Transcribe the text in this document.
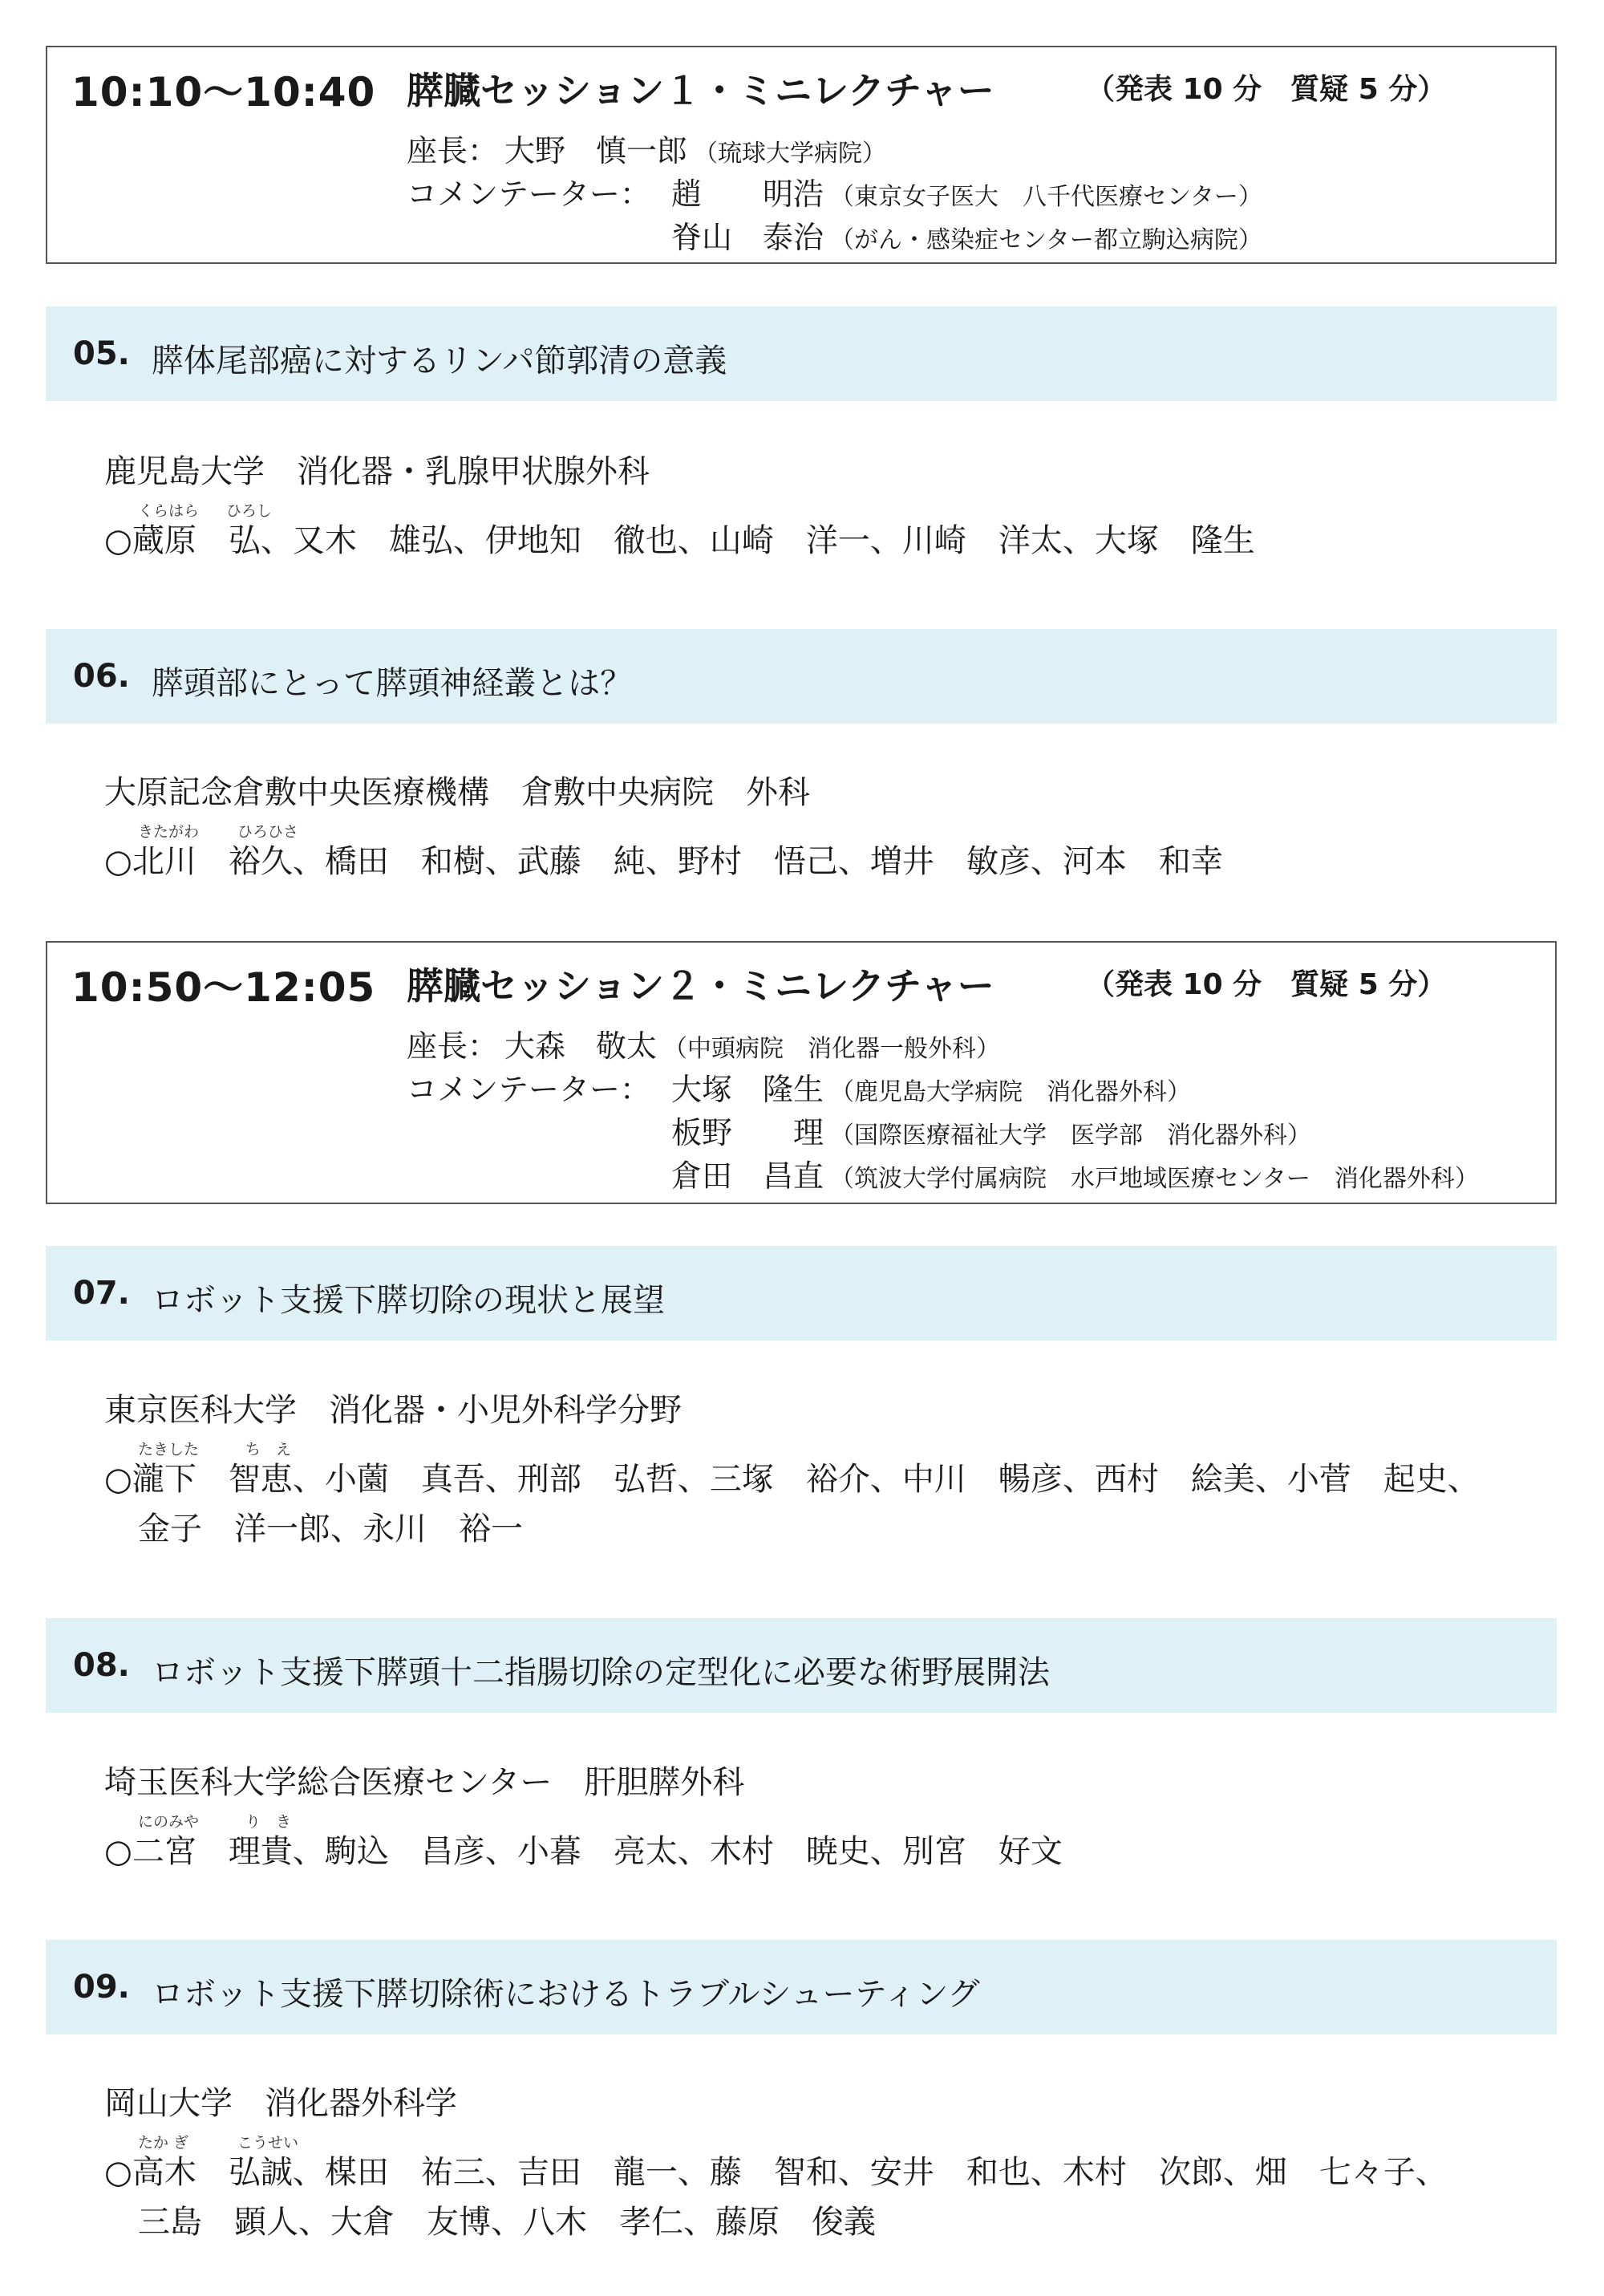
10:10〜10:40 膵臓セッション１・ミニレクチャー	（発表 10 分　質疑 5 分）
座長： 大野　慎一郎 （琉球大学病院）
コメンテーター： 趙　　明浩 （東京女子医大　八千代医療センター）
脊山　泰治 （がん・感染症センター都立駒込病院）
05. 膵体尾部癌に対するリンパ節郭清の意義
鹿児島大学　消化器・乳腺甲状腺外科
くらはら ひろし
○蔵原　弘、又木　雄弘、伊地知　徹也、山崎　洋一、川崎　洋太、大塚　隆生
06. 膵頭部にとって膵頭神経叢とは？
大原記念倉敷中央医療機構　倉敷中央病院　外科
きたがわ	ひろひさ
○北川　裕久、橋田　和樹、武藤　純、野村　悟己、増井　敏彦、河本　和幸
10:50〜12:05 膵臓セッション２・ミニレクチャー	（発表 10 分　質疑 5 分）
座長： 大森　敬太 （中頭病院　消化器一般外科）
コメンテーター： 大塚　隆生 （鹿児島大学病院　消化器外科）
板野　　理 （国際医療福祉大学　医学部　消化器外科）
倉田　昌直 （筑波大学付属病院　水戸地域医療センター　消化器外科）
07. ロボット支援下膵切除の現状と展望
東京医科大学　消化器・小児外科学分野
たきした	ち　え
○瀧下　智恵、小薗　真吾、刑部　弘哲、三塚　裕介、中川　暢彦、西村　絵美、小菅　起史、
金子　洋一郎、永川　裕一
08. ロボット支援下膵頭十二指腸切除の定型化に必要な術野展開法
埼玉医科大学総合医療センター　肝胆膵外科
にのみや	り　き
○二宮　理貴、駒込　昌彦、小暮　亮太、木村　暁史、別宮　好文
09. ロボット支援下膵切除術におけるトラブルシューティング
岡山大学　消化器外科学
たか ぎ	こうせい
○高木　弘誠、楳田　祐三、吉田　龍一、藤　智和、安井　和也、木村　次郎、畑　七々子、
三島　顕人、大倉　友博、八木　孝仁、藤原　俊義
